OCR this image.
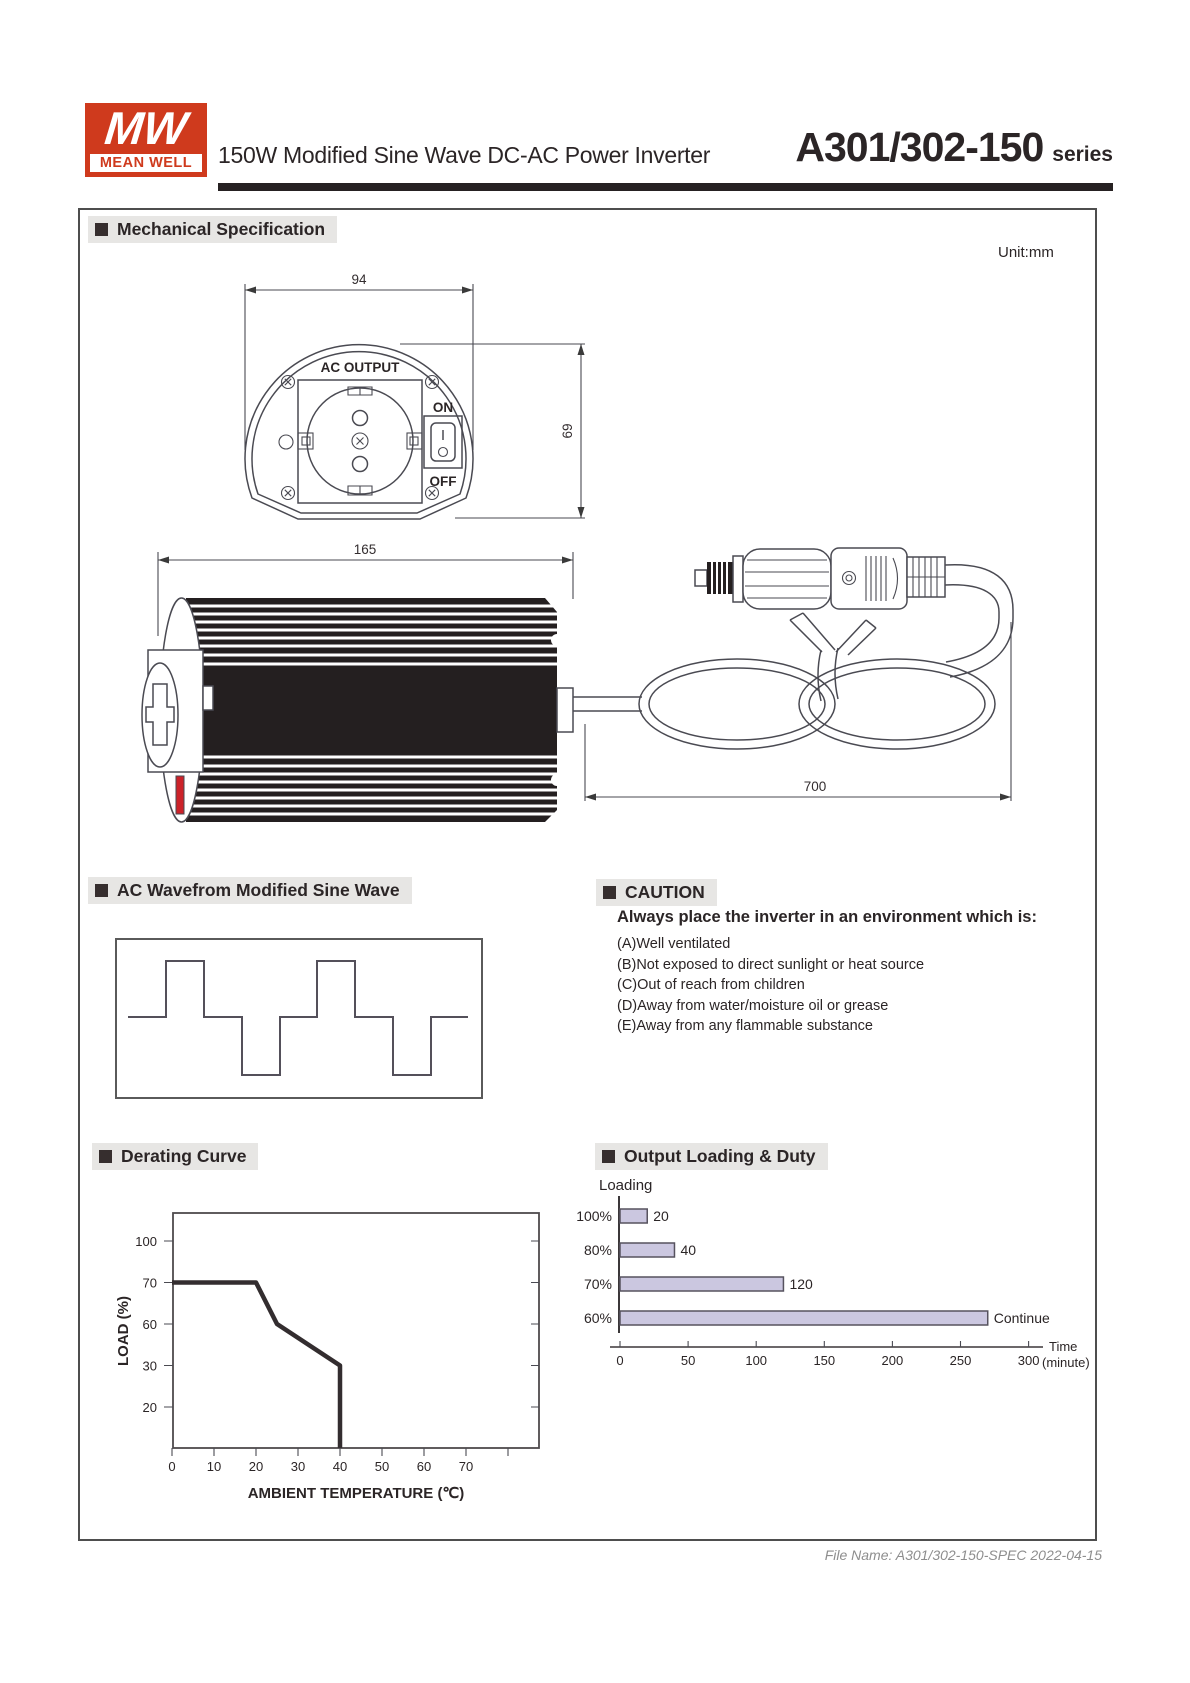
MW
MEAN WELL	150W Modified Sine Wave DC-AC Power Inverter A301/302-150 series
Mechanical Specification
Unit:mm
AC Wavefrom Modified Sine Wave	CAUTION
Derating Curve	Output Loading & Duty

Always place the inverter in an environment which is:

(A)Well ventilated
(B)Not exposed to direct sunlight or heat source
(C)Out of reach from children
(D)Away from water/moisture oil or grease
(E)Away from any flammable substance
File Name: A301/302-150-SPEC 2022-04-15
94
69
AC OUTPUT
ON
OFF
165
700
LOAD (%)
AMBIENT TEMPERATURE (℃)
100
70
60
30
20
0 10 20 30 40 50 60 70
Loading
Time
(minute)
100%	20
80%	40
70%	120
60%	Continue
0	50	100	150	200	250	300
